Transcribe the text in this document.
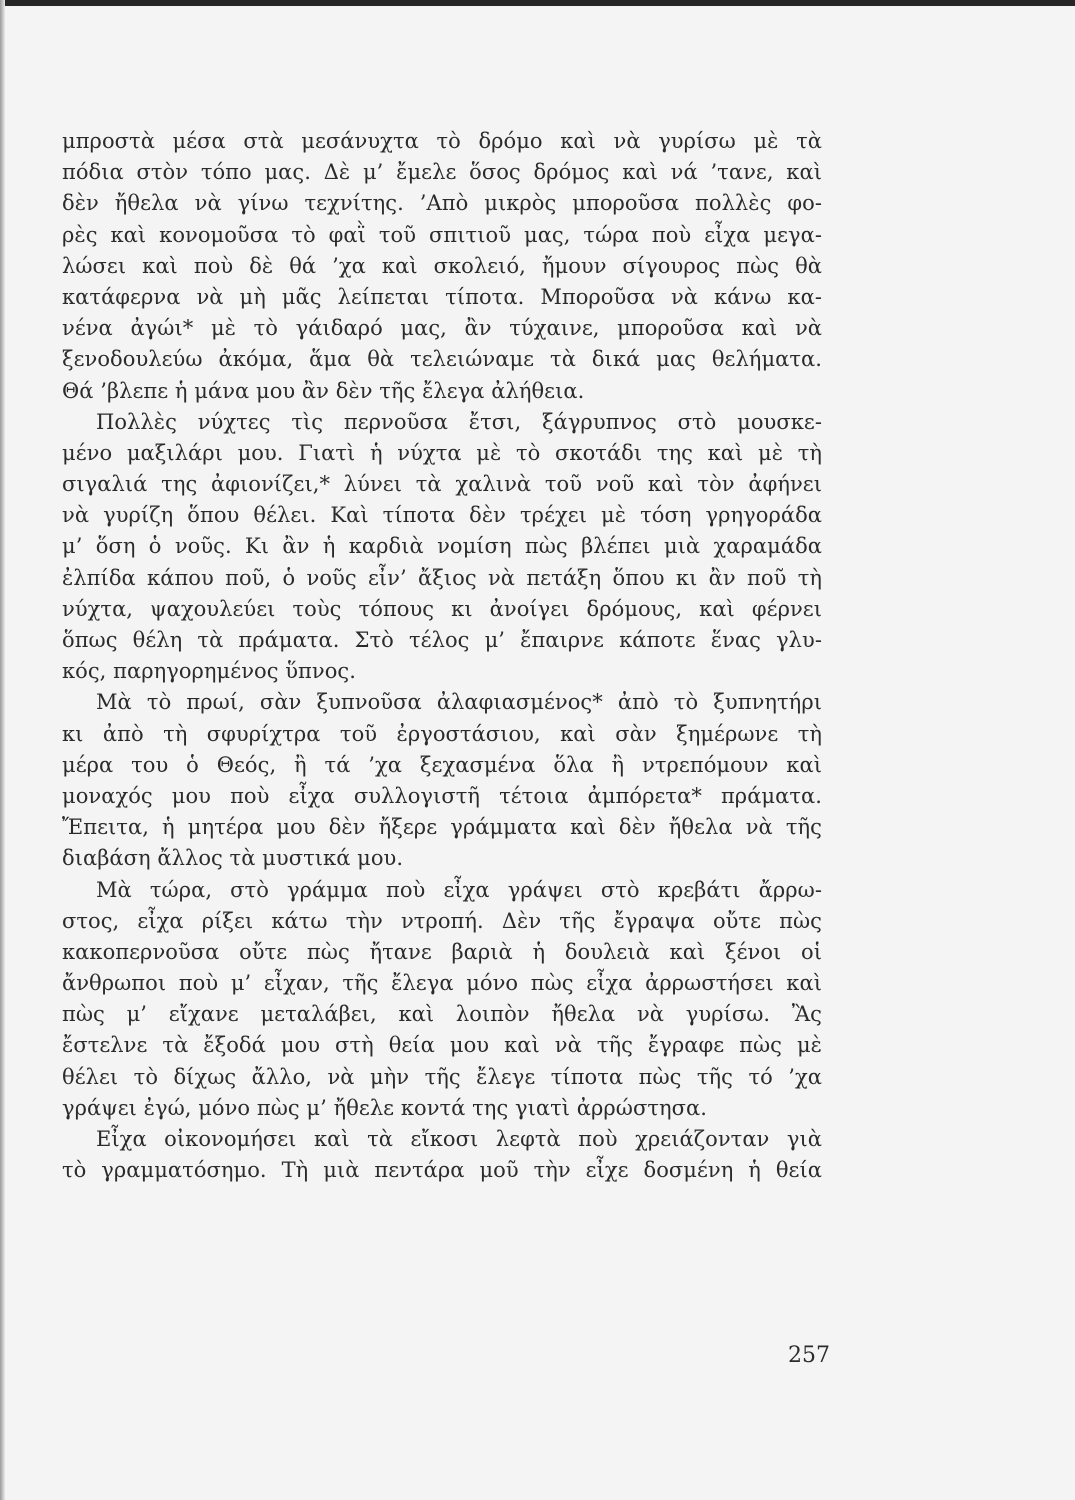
μπροστὰ μέσα στὰ μεσάνυχτα τὸ δρόμο καὶ νὰ γυρίσω μὲ τὰ
πόδια στὸν τόπο μας. Δὲ μ’ ἔμελε ὅσος δρόμος καὶ νά ’τανε, καὶ
δὲν ἤθελα νὰ γίνω τεχνίτης. ’Απὸ μικρὸς μποροῦσα πολλὲς φο-
ρὲς καὶ κονομοῦσα τὸ φαῒ τοῦ σπιτιοῦ μας, τώρα ποὺ εἶχα μεγα-
λώσει καὶ ποὺ δὲ θά ’χα καὶ σκολειό, ἤμουν σίγουρος πὼς θὰ
κατάφερνα νὰ μὴ μᾶς λείπεται τίποτα. Μποροῦσα νὰ κάνω κα-
νένα ἀγώι* μὲ τὸ γάιδαρό μας, ἂν τύχαινε, μποροῦσα καὶ νὰ
ξενοδουλεύω ἀκόμα, ἅμα θὰ τελειώναμε τὰ δικά μας θελήματα.
Θά ’βλεπε ἡ μάνα μου ἂν δὲν τῆς ἔλεγα ἀλήθεια.
Πολλὲς νύχτες τὶς περνοῦσα ἔτσι, ξάγρυπνος στὸ μουσκε-
μένο μαξιλάρι μου. Γιατὶ ἡ νύχτα μὲ τὸ σκοτάδι της καὶ μὲ τὴ
σιγαλιά της ἀφιονίζει,* λύνει τὰ χαλινὰ τοῦ νοῦ καὶ τὸν ἀφήνει
νὰ γυρίζη ὅπου θέλει. Καὶ τίποτα δὲν τρέχει μὲ τόση γρηγοράδα
μ’ ὅση ὁ νοῦς. Κι ἂν ἡ καρδιὰ νομίση πὼς βλέπει μιὰ χαραμάδα
ἐλπίδα κάπου ποῦ, ὁ νοῦς εἶν’ ἄξιος νὰ πετάξη ὅπου κι ἂν ποῦ τὴ
νύχτα, ψαχουλεύει τοὺς τόπους κι ἀνοίγει δρόμους, καὶ φέρνει
ὅπως θέλη τὰ πράματα. Στὸ τέλος μ’ ἔπαιρνε κάποτε ἕνας γλυ-
κός, παρηγορημένος ὕπνος.
Μὰ τὸ πρωί, σὰν ξυπνοῦσα ἀλαφιασμένος* ἀπὸ τὸ ξυπνητήρι
κι ἀπὸ τὴ σφυρίχτρα τοῦ ἐργοστάσιου, καὶ σὰν ξημέρωνε τὴ
μέρα του ὁ Θεός, ἢ τά ’χα ξεχασμένα ὅλα ἢ ντρεπόμουν καὶ
μοναχός μου ποὺ εἶχα συλλογιστῆ τέτοια ἀμπόρετα* πράματα.
Ἔπειτα, ἡ μητέρα μου δὲν ἤξερε γράμματα καὶ δὲν ἤθελα νὰ τῆς
διαβάση ἄλλος τὰ μυστικά μου.
Μὰ τώρα, στὸ γράμμα ποὺ εἶχα γράψει στὸ κρεβάτι ἄρρω-
στος, εἶχα ρίξει κάτω τὴν ντροπή. Δὲν τῆς ἔγραψα οὔτε πὼς
κακοπερνοῦσα οὔτε πὼς ἤτανε βαριὰ ἡ δουλειὰ καὶ ξένοι οἱ
ἄνθρωποι ποὺ μ’ εἶχαν, τῆς ἔλεγα μόνο πὼς εἶχα ἀρρωστήσει καὶ
πὼς μ’ εἴχανε μεταλάβει, καὶ λοιπὸν ἤθελα νὰ γυρίσω. Ἂς
ἔστελνε τὰ ἔξοδά μου στὴ θεία μου καὶ νὰ τῆς ἔγραφε πὼς μὲ
θέλει τὸ δίχως ἄλλο, νὰ μὴν τῆς ἔλεγε τίποτα πὼς τῆς τό ’χα
γράψει ἐγώ, μόνο πὼς μ’ ἤθελε κοντά της γιατὶ ἀρρώστησα.
Εἶχα οἰκονομήσει καὶ τὰ εἴκοσι λεφτὰ ποὺ χρειάζονταν γιὰ
τὸ γραμματόσημο. Τὴ μιὰ πεντάρα μοῦ τὴν εἶχε δοσμένη ἡ θεία
257
